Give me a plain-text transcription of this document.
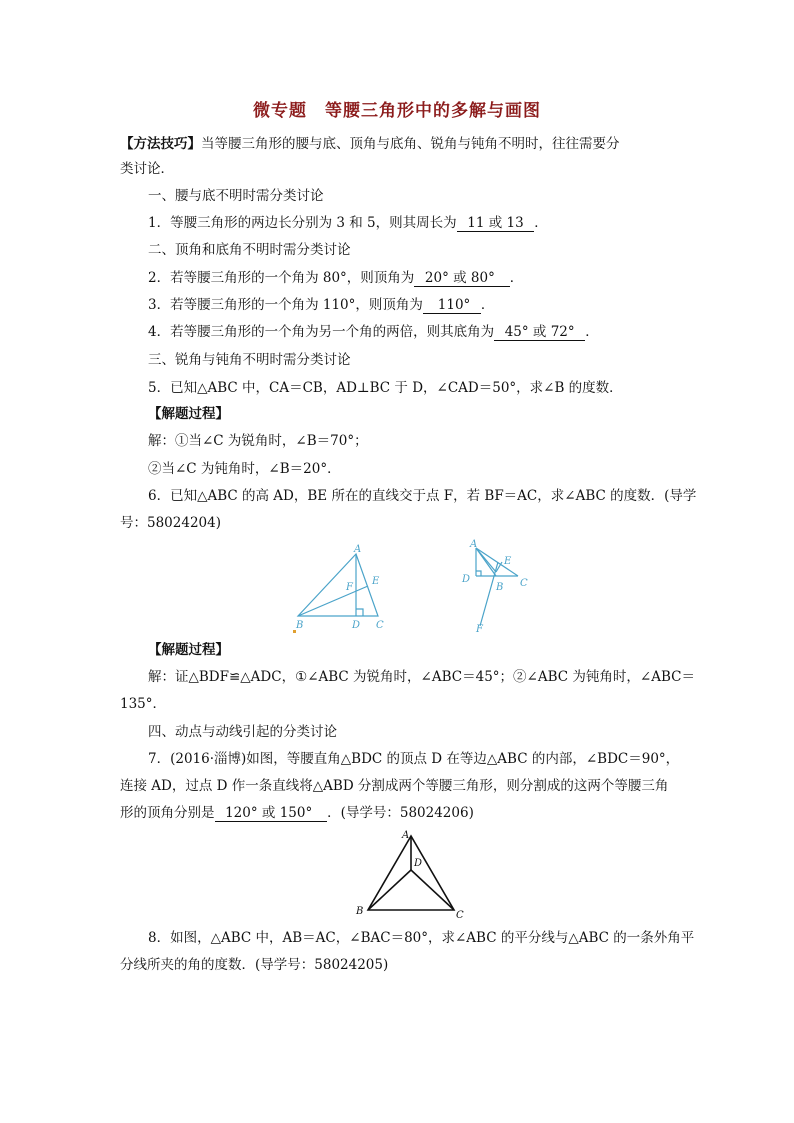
微专题　等腰三角形中的多解与画图
【方法技巧】当等腰三角形的腰与底、顶角与底角、锐角与钝角不明时，往往需要分
类讨论．
一、腰与底不明时需分类讨论
1．等腰三角形的两边长分别为 3 和 5，则其周长为 11 或 13 ．
二、顶角和底角不明时需分类讨论
2．若等腰三角形的一个角为 80°，则顶角为 20° 或 80° ．
3．若等腰三角形的一个角为 110°，则顶角为 110° ．
4．若等腰三角形的一个角为另一个角的两倍，则其底角为 45° 或 72° ．
三、锐角与钝角不明时需分类讨论
5．已知△ABC 中，CA＝CB，AD⊥BC 于 D，∠CAD＝50°，求∠B 的度数．
【解题过程】
解：①当∠C 为锐角时，∠B＝70°；
②当∠C 为钝角时，∠B＝20°．
6．已知△ABC 的高 AD，BE 所在的直线交于点 F，若 BF＝AC，求∠ABC 的度数．(导学
号：58024204)
A
E
F
B	D C
A
E
D	C
B
F
【解题过程】
解：证△BDF≌△ADC，①∠ABC 为锐角时，∠ABC＝45°；②∠ABC 为钝角时，∠ABC＝
135°．
四、动点与动线引起的分类讨论
7．(2016·淄博)如图，等腰直角△BDC 的顶点 D 在等边△ABC 的内部，∠BDC＝90°，
连接 AD，过点 D 作一条直线将△ABD 分割成两个等腰三角形，则分割成的这两个等腰三角
形的顶角分别是 120° 或 150° ．(导学号：58024206)
A
D
B	C
8．如图，△ABC 中，AB＝AC，∠BAC＝80°，求∠ABC 的平分线与△ABC 的一条外角平
分线所夹的角的度数．(导学号：58024205)
